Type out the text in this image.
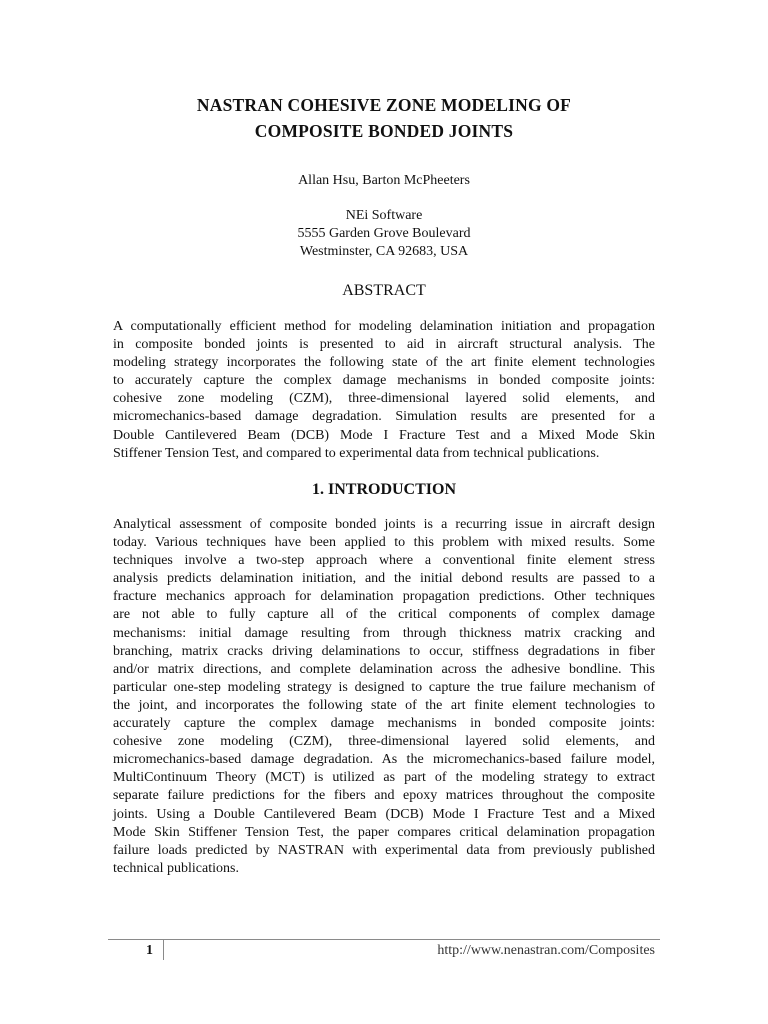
NASTRAN COHESIVE ZONE MODELING OF
COMPOSITE BONDED JOINTS
Allan Hsu, Barton McPheeters
NEi Software
5555 Garden Grove Boulevard
Westminster, CA 92683, USA
ABSTRACT
A computationally efficient method for modeling delamination initiation and propagation
in composite bonded joints is presented to aid in aircraft structural analysis. The
modeling strategy incorporates the following state of the art finite element technologies
to accurately capture the complex damage mechanisms in bonded composite joints:
cohesive zone modeling (CZM), three-dimensional layered solid elements, and
micromechanics-based damage degradation. Simulation results are presented for a
Double Cantilevered Beam (DCB) Mode I Fracture Test and a Mixed Mode Skin
Stiffener Tension Test, and compared to experimental data from technical publications.
1. INTRODUCTION
Analytical assessment of composite bonded joints is a recurring issue in aircraft design
today. Various techniques have been applied to this problem with mixed results. Some
techniques involve a two-step approach where a conventional finite element stress
analysis predicts delamination initiation, and the initial debond results are passed to a
fracture mechanics approach for delamination propagation predictions. Other techniques
are not able to fully capture all of the critical components of complex damage
mechanisms: initial damage resulting from through thickness matrix cracking and
branching, matrix cracks driving delaminations to occur, stiffness degradations in fiber
and/or matrix directions, and complete delamination across the adhesive bondline. This
particular one-step modeling strategy is designed to capture the true failure mechanism of
the joint, and incorporates the following state of the art finite element technologies to
accurately capture the complex damage mechanisms in bonded composite joints:
cohesive zone modeling (CZM), three-dimensional layered solid elements, and
micromechanics-based damage degradation. As the micromechanics-based failure model,
MultiContinuum Theory (MCT) is utilized as part of the modeling strategy to extract
separate failure predictions for the fibers and epoxy matrices throughout the composite
joints. Using a Double Cantilevered Beam (DCB) Mode I Fracture Test and a Mixed
Mode Skin Stiffener Tension Test, the paper compares critical delamination propagation
failure loads predicted by NASTRAN with experimental data from previously published
technical publications.
1	http://www.nenastran.com/Composites
